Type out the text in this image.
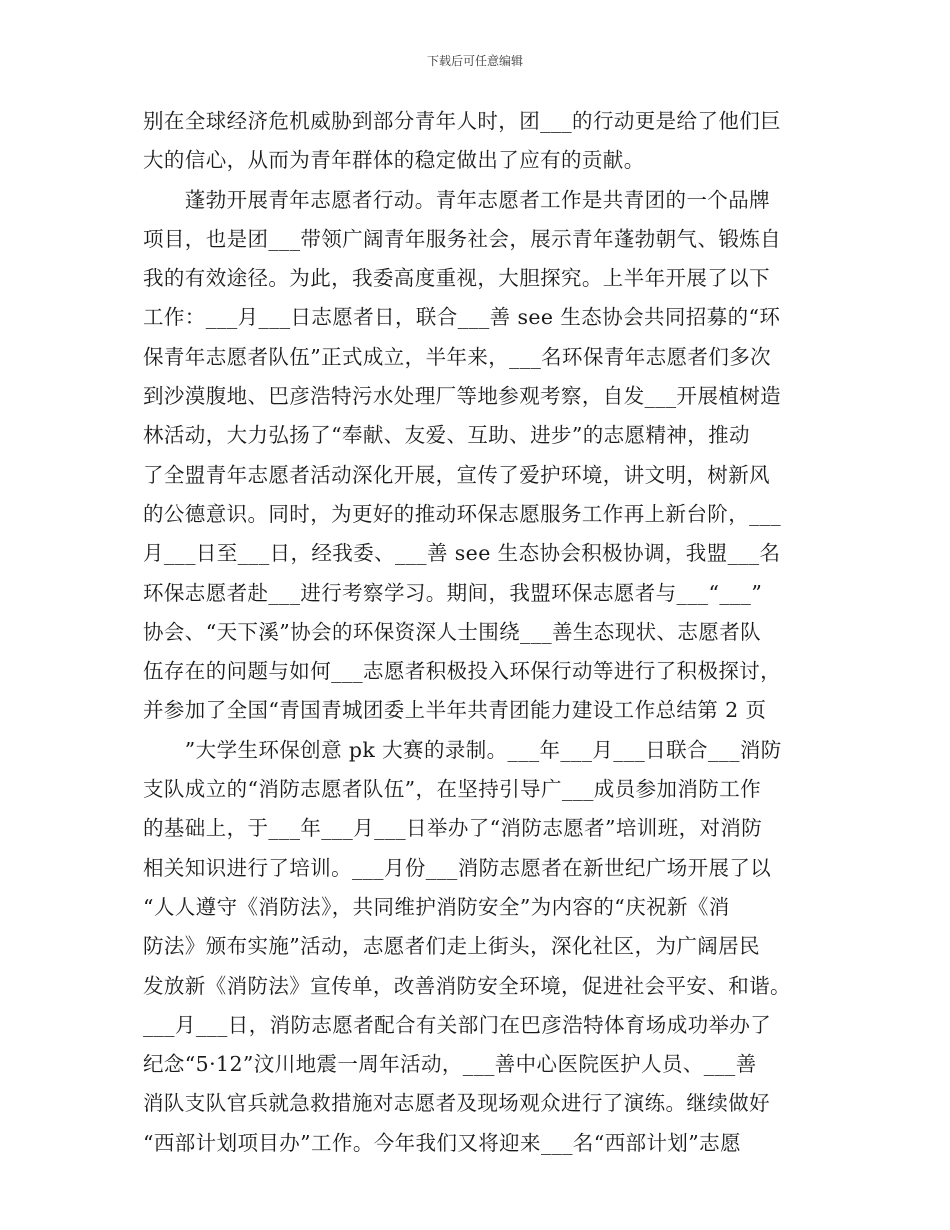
下载后可任意编辑
别在全球经济危机威胁到部分青年人时，团___的行动更是给了他们巨
大的信心，从而为青年群体的稳定做出了应有的贡献。
　　蓬勃开展青年志愿者行动。青年志愿者工作是共青团的一个品牌
项目，也是团___带领广阔青年服务社会，展示青年蓬勃朝气、锻炼自
我的有效途径。为此，我委高度重视，大胆探究。上半年开展了以下
工作：___月___日志愿者日，联合___善 see 生态协会共同招募的“环
保青年志愿者队伍”正式成立，半年来，___名环保青年志愿者们多次
到沙漠腹地、巴彦浩特污水处理厂等地参观考察，自发___开展植树造
林活动，大力弘扬了“奉献、友爱、互助、进步”的志愿精神，推动
了全盟青年志愿者活动深化开展，宣传了爱护环境，讲文明，树新风
的公德意识。同时，为更好的推动环保志愿服务工作再上新台阶，___
月___日至___日，经我委、___善 see 生态协会积极协调，我盟___名
环保志愿者赴___进行考察学习。期间，我盟环保志愿者与___“___”
协会、“天下溪”协会的环保资深人士围绕___善生态现状、志愿者队
伍存在的问题与如何___志愿者积极投入环保行动等进行了积极探讨，
并参加了全国“青国青城团委上半年共青团能力建设工作总结第 2 页
　　”大学生环保创意 pk 大赛的录制。___年___月___日联合___消防
支队成立的“消防志愿者队伍”，在坚持引导广___成员参加消防工作
的基础上，于___年___月___日举办了“消防志愿者”培训班，对消防
相关知识进行了培训。___月份___消防志愿者在新世纪广场开展了以
“人人遵守《消防法》，共同维护消防安全”为内容的“庆祝新《消
防法》颁布实施”活动，志愿者们走上街头，深化社区，为广阔居民
发放新《消防法》宣传单，改善消防安全环境，促进社会平安、和谐。
___月___日，消防志愿者配合有关部门在巴彦浩特体育场成功举办了
纪念“5·12”汶川地震一周年活动，___善中心医院医护人员、___善
消队支队官兵就急救措施对志愿者及现场观众进行了演练。继续做好
“西部计划项目办”工作。今年我们又将迎来___名“西部计划”志愿
